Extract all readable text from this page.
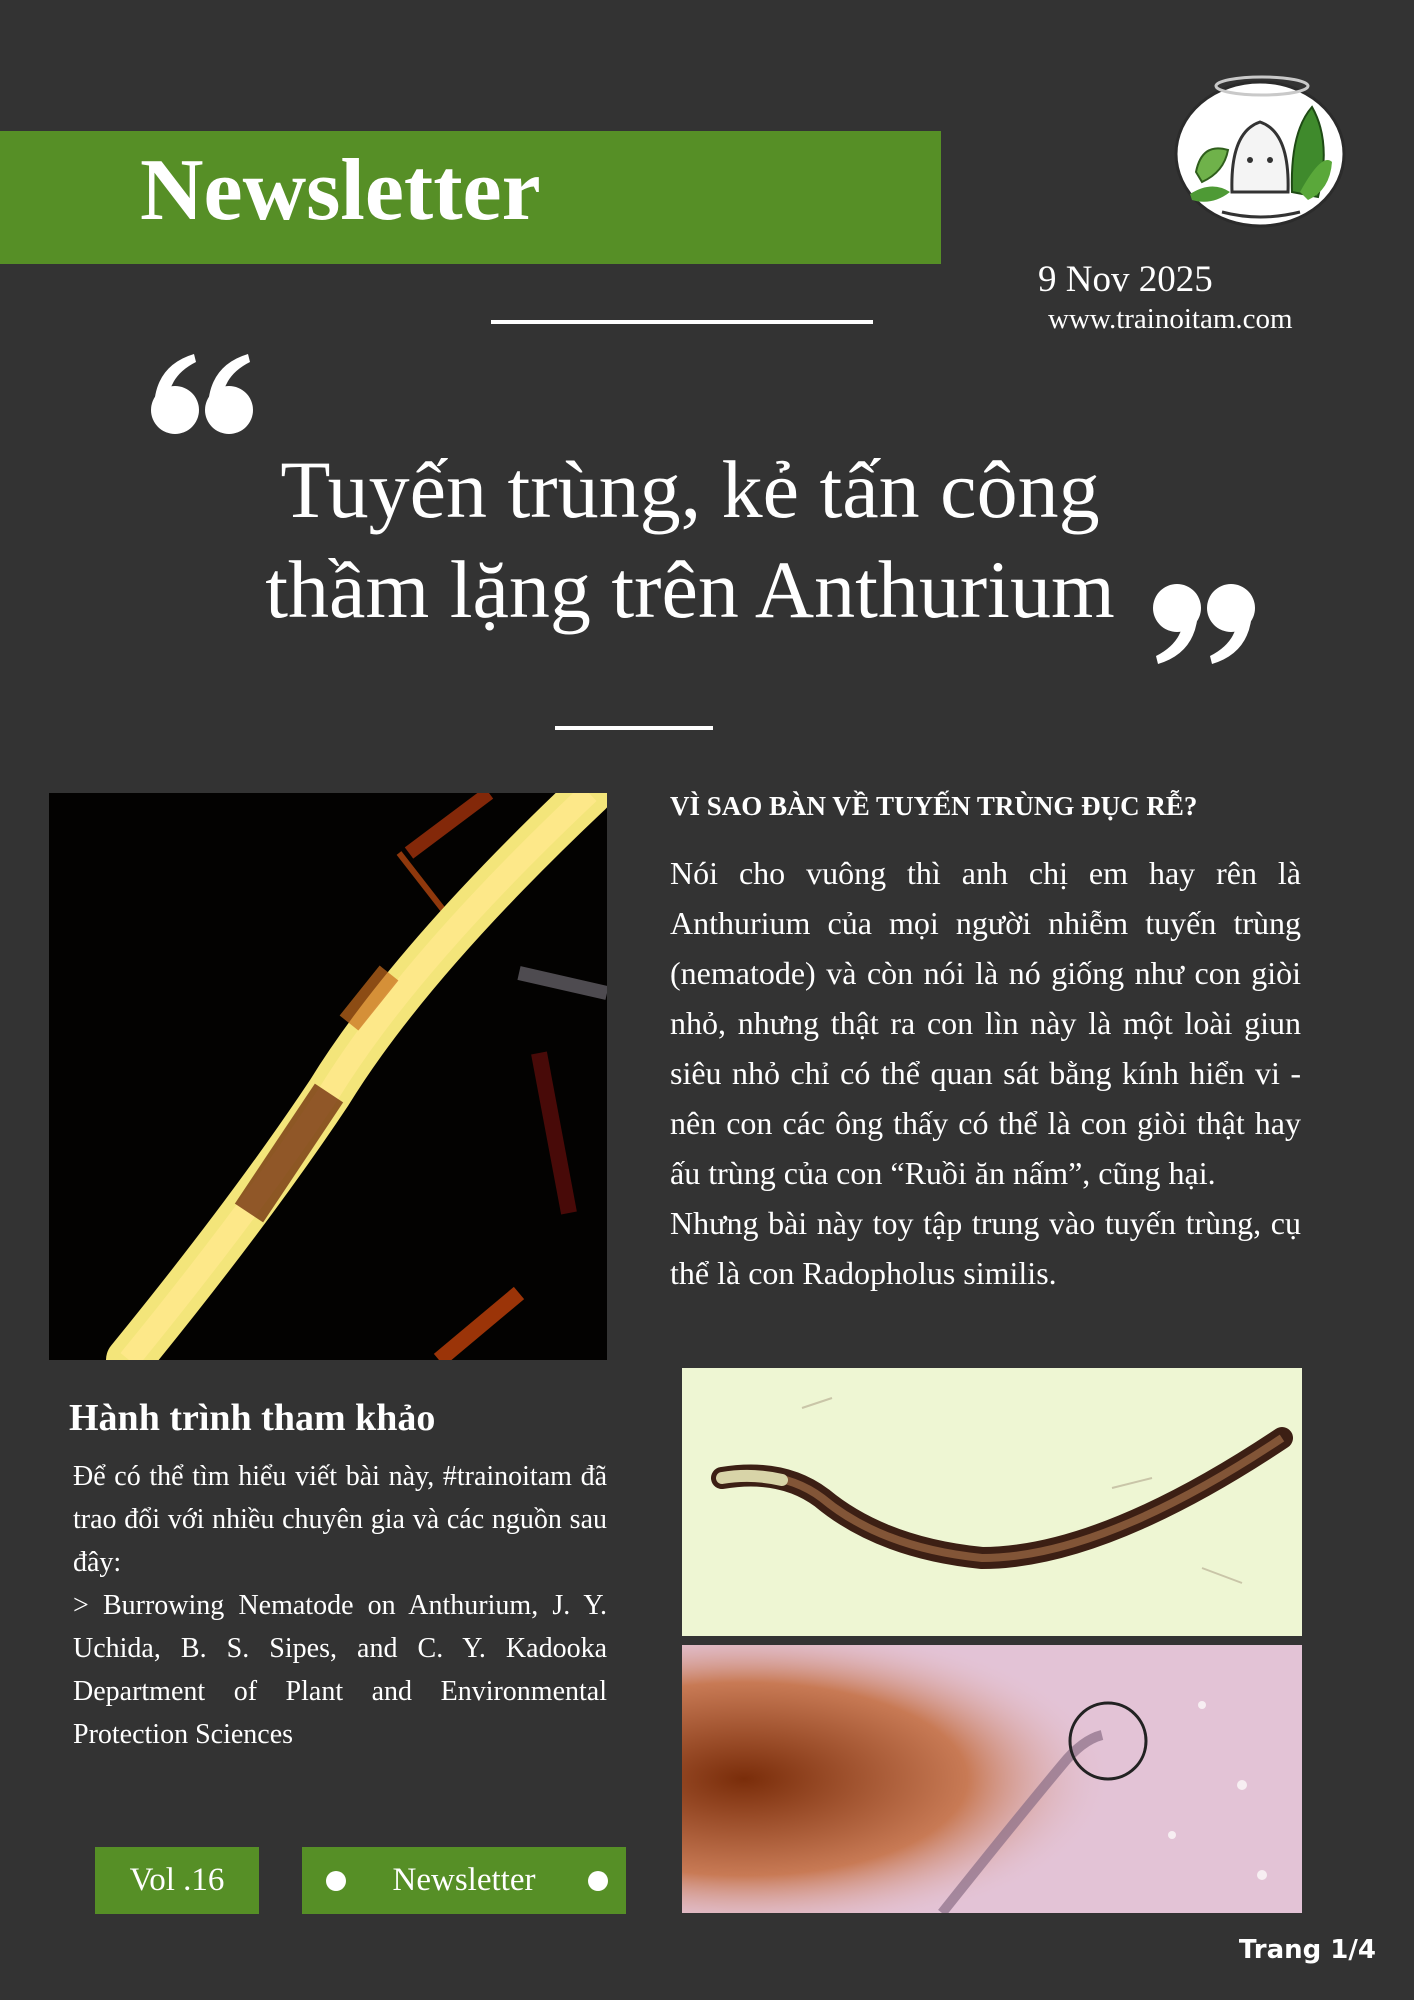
Newsletter
9 Nov 2025
www.trainoitam.com
Tuyến trùng, kẻ tấn công
thầm lặng trên Anthurium
VÌ SAO BÀN VỀ TUYẾN TRÙNG ĐỤC RỄ?

Nói cho vuông thì anh chị em hay rên là Anthurium của mọi người nhiễm tuyến trùng (nematode) và còn nói là nó giống như con giòi nhỏ, nhưng thật ra con lìn này là một loài giun siêu nhỏ chỉ có thể quan sát bằng kính hiển vi - nên con các ông thấy có thể là con giòi thật hay ấu trùng của con “Ruồi ăn nấm”, cũng hại.

Nhưng bài này toy tập trung vào tuyến trùng, cụ thể là con Radopholus similis.

Hành trình tham khảo

Để có thể tìm hiểu viết bài này, #trainoitam đã trao đổi với nhiều chuyên gia và các nguồn sau đây:

> Burrowing Nematode on Anthurium, J. Y. Uchida, B. S. Sipes, and C. Y. Kadooka Department of Plant and Environmental Protection Sciences

Vol .16	Newsletter
Trang 1/4
